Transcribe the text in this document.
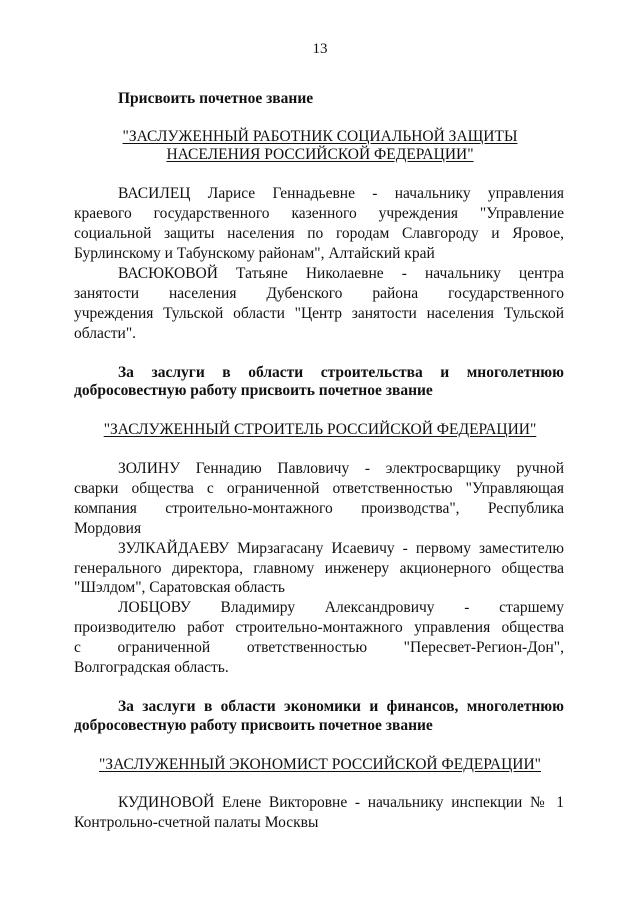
13
Присвоить почетное звание
"ЗАСЛУЖЕННЫЙ РАБОТНИК СОЦИАЛЬНОЙ ЗАЩИТЫ
НАСЕЛЕНИЯ РОССИЙСКОЙ ФЕДЕРАЦИИ"
ВАСИЛЕЦ Ларисе Геннадьевне - начальнику управления
краевого государственного казенного учреждения "Управление
социальной защиты населения по городам Славгороду и Яровое,
Бурлинскому и Табунскому районам", Алтайский край
ВАСЮКОВОЙ Татьяне Николаевне - начальнику центра
занятости населения Дубенского района государственного
учреждения Тульской области "Центр занятости населения Тульской
области".
За заслуги в области строительства и многолетнюю
добросовестную работу присвоить почетное звание
"ЗАСЛУЖЕННЫЙ СТРОИТЕЛЬ РОССИЙСКОЙ ФЕДЕРАЦИИ"
ЗОЛИНУ Геннадию Павловичу - электросварщику ручной
сварки общества с ограниченной ответственностью "Управляющая
компания строительно-монтажного производства", Республика
Мордовия
ЗУЛКАЙДАЕВУ Мирзагасану Исаевичу - первому заместителю
генерального директора, главному инженеру акционерного общества
"Шэлдом", Саратовская область
ЛОБЦОВУ Владимиру Александровичу - старшему
производителю работ строительно-монтажного управления общества
с ограниченной ответственностью "Пересвет-Регион-Дон",
Волгоградская область.
За заслуги в области экономики и финансов, многолетнюю
добросовестную работу присвоить почетное звание
"ЗАСЛУЖЕННЫЙ ЭКОНОМИСТ РОССИЙСКОЙ ФЕДЕРАЦИИ"
КУДИНОВОЙ Елене Викторовне - начальнику инспекции № 1
Контрольно-счетной палаты Москвы
